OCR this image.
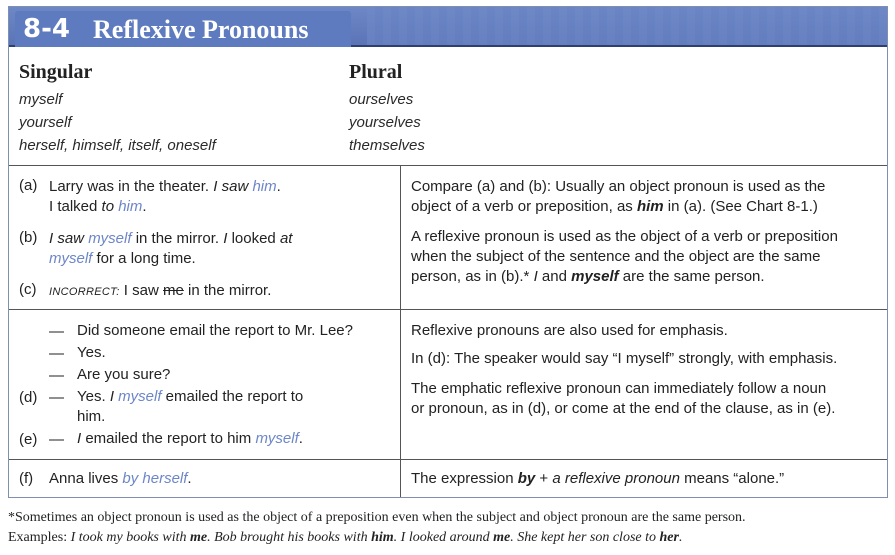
8-4 Reflexive Pronouns
Singular	Plural
myself
yourself
herself, himself, itself, oneself
ourselves
yourselves
themselves
(a) Larry was in the theater. I saw him.
I talked to him.
(b) I saw myself in the mirror. I looked at
myself for a long time.
(c) INCORRECT: I saw me in the mirror.
Compare (a) and (b): Usually an object pronoun is used as the
object of a verb or preposition, as him in (a). (See Chart 8-1.)
A reflexive pronoun is used as the object of a verb or preposition
when the subject of the sentence and the object are the same
person, as in (b).* I and myself are the same person.
— Did someone email the report to Mr. Lee?
— Yes.
— Are you sure?
(d) — Yes. I myself emailed the report to
him.
(e) — I emailed the report to him myself.
Reflexive pronouns are also used for emphasis.
In (d): The speaker would say “I myself” strongly, with emphasis.
The emphatic reflexive pronoun can immediately follow a noun
or pronoun, as in (d), or come at the end of the clause, as in (e).
(f) Anna lives by herself.	The expression by + a reflexive pronoun means “alone.”
*Sometimes an object pronoun is used as the object of a preposition even when the subject and object pronoun are the same person.
Examples: I took my books with me. Bob brought his books with him. I looked around me. She kept her son close to her.
